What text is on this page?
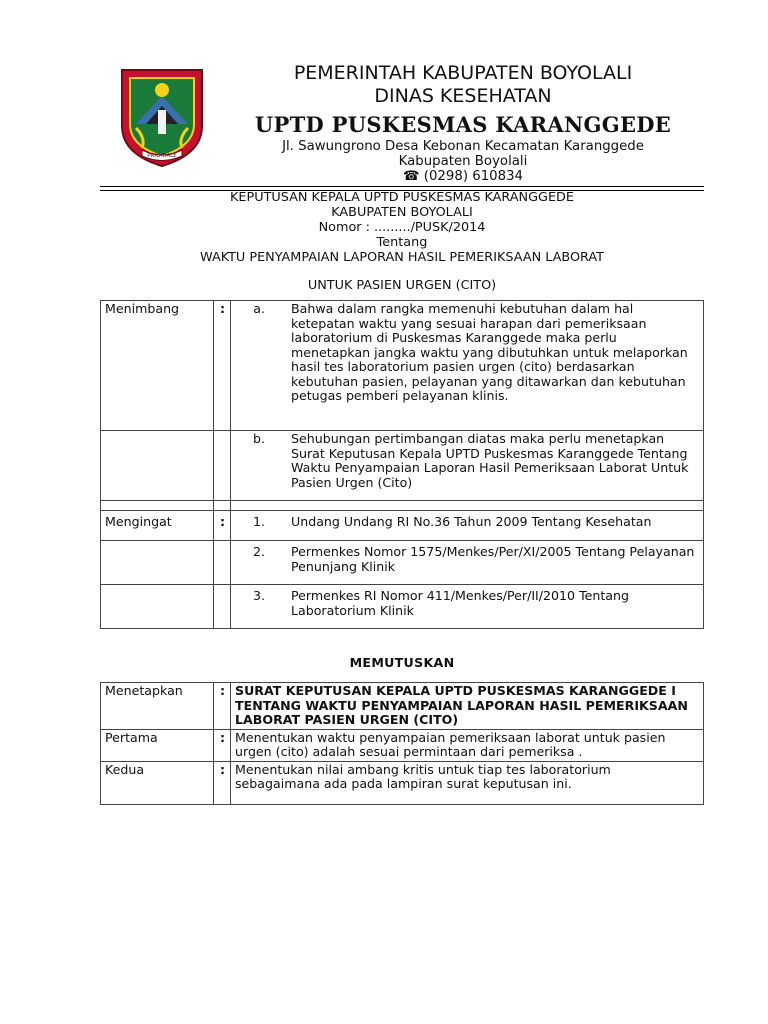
PRIG-DALE
PEMERINTAH KABUPATEN BOYOLALI
DINAS KESEHATAN
UPTD PUSKESMAS KARANGGEDE
Jl. Sawungrono Desa Kebonan Kecamatan Karanggede
Kabupaten Boyolali
☎ (0298) 610834
KEPUTUSAN KEPALA UPTD PUSKESMAS KARANGGEDE
KABUPATEN BOYOLALI
Nomor : ........./PUSK/2014
Tentang
WAKTU PENYAMPAIAN LAPORAN HASIL PEMERIKSAAN LABORAT
UNTUK PASIEN URGEN (CITO)
Menimbang	:	a. Bahwa dalam rangka memenuhi kebutuhan dalam hal ketepatan waktu yang sesuai harapan dari pemeriksaan laboratorium di Puskesmas Karanggede maka perlu menetapkan jangka waktu yang dibutuhkan untuk melaporkan hasil tes laboratorium pasien urgen (cito) berdasarkan kebutuhan pasien, pelayanan yang ditawarkan dan kebutuhan petugas pemberi pelayanan klinis.

		b. Sehubungan pertimbangan diatas maka perlu menetapkan Surat Keputusan Kepala UPTD Puskesmas Karanggede Tentang Waktu Penyampaian Laporan Hasil Pemeriksaan Laborat Untuk Pasien Urgen (Cito)

Mengingat	:	1. Undang Undang RI No.36 Tahun 2009 Tentang Kesehatan

		2. Permenkes Nomor 1575/Menkes/Per/XI/2005 Tentang Pelayanan Penunjang Klinik

		3. Permenkes RI Nomor 411/Menkes/Per/II/2010 Tentang Laboratorium Klinik
MEMUTUSKAN
Menetapkan	:	SURAT KEPUTUSAN KEPALA UPTD PUSKESMAS KARANGGEDE I TENTANG WAKTU PENYAMPAIAN LAPORAN HASIL PEMERIKSAAN LABORAT PASIEN URGEN (CITO)
Pertama	:	Menentukan waktu penyampaian pemeriksaan laborat untuk pasien urgen (cito) adalah sesuai permintaan dari pemeriksa .
Kedua	:	Menentukan nilai ambang kritis untuk tiap tes laboratorium sebagaimana ada pada lampiran surat keputusan ini.
